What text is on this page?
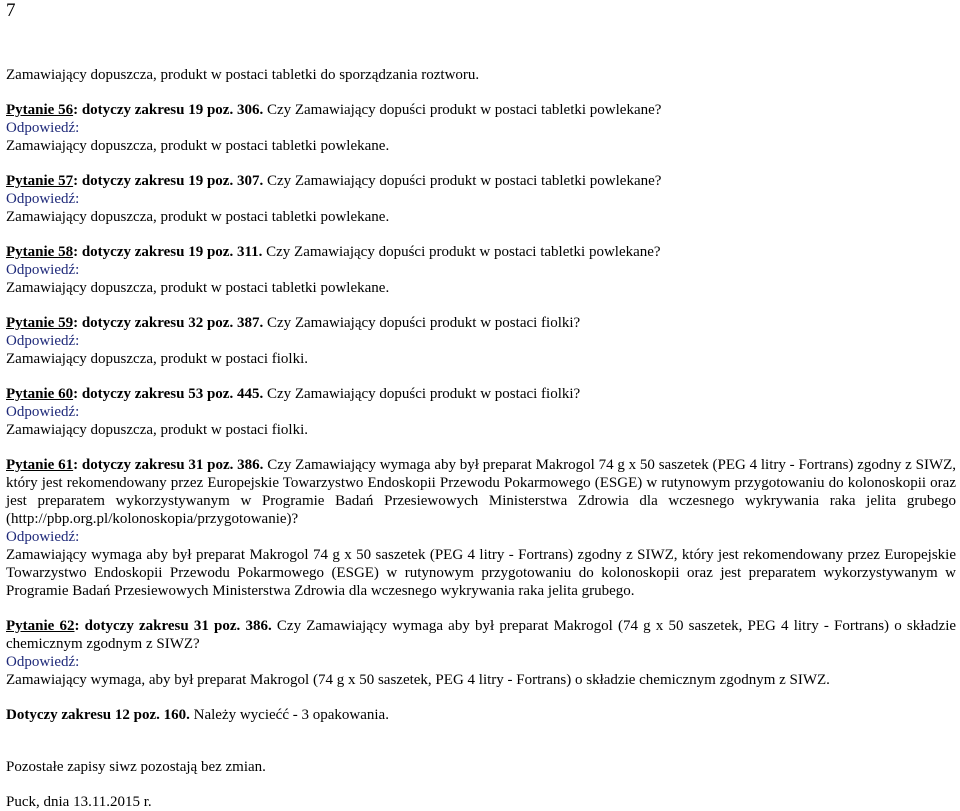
7

Zamawiający dopuszcza, produkt w postaci tabletki do sporządzania roztworu.

Pytanie 56: dotyczy zakresu 19 poz. 306. Czy Zamawiający dopuści produkt w postaci tabletki powlekane?

Odpowiedź:

Zamawiający dopuszcza, produkt w postaci tabletki powlekane.

Pytanie 57: dotyczy zakresu 19 poz. 307. Czy Zamawiający dopuści produkt w postaci tabletki powlekane?

Odpowiedź:

Zamawiający dopuszcza, produkt w postaci tabletki powlekane.

Pytanie 58: dotyczy zakresu 19 poz. 311. Czy Zamawiający dopuści produkt w postaci tabletki powlekane?

Odpowiedź:

Zamawiający dopuszcza, produkt w postaci tabletki powlekane.

Pytanie 59: dotyczy zakresu 32 poz. 387. Czy Zamawiający dopuści produkt w postaci fiolki?

Odpowiedź:

Zamawiający dopuszcza, produkt w postaci fiolki.

Pytanie 60: dotyczy zakresu 53 poz. 445. Czy Zamawiający dopuści produkt w postaci fiolki?

Odpowiedź:

Zamawiający dopuszcza, produkt w postaci fiolki.

Pytanie 61: dotyczy zakresu 31 poz. 386. Czy Zamawiający wymaga aby był preparat Makrogol 74 g x 50 saszetek (PEG 4 litry - Fortrans) zgodny z SIWZ, który jest rekomendowany przez Europejskie Towarzystwo Endoskopii Przewodu Pokarmowego (ESGE) w rutynowym przygotowaniu do kolonoskopii oraz jest preparatem wykorzystywanym w Programie Badań Przesiewowych Ministerstwa Zdrowia dla wczesnego wykrywania raka jelita grubego (http://pbp.org.pl/kolonoskopia/przygotowanie)?

Odpowiedź:

Zamawiający wymaga aby był preparat Makrogol 74 g x 50 saszetek (PEG 4 litry - Fortrans) zgodny z SIWZ, który jest rekomendowany przez Europejskie Towarzystwo Endoskopii Przewodu Pokarmowego (ESGE) w rutynowym przygotowaniu do kolonoskopii oraz jest preparatem wykorzystywanym w Programie Badań Przesiewowych Ministerstwa Zdrowia dla wczesnego wykrywania raka jelita grubego.

Pytanie 62: dotyczy zakresu 31 poz. 386. Czy Zamawiający wymaga aby był preparat Makrogol (74 g x 50 saszetek, PEG 4 litry - Fortrans) o składzie chemicznym zgodnym z SIWZ?

Odpowiedź:

Zamawiający wymaga, aby był preparat Makrogol (74 g x 50 saszetek, PEG 4 litry - Fortrans) o składzie chemicznym zgodnym z SIWZ.

Dotyczy zakresu 12 poz. 160. Należy wyciećć - 3 opakowania.

Pozostałe zapisy siwz pozostają bez zmian.

Puck, dnia 13.11.2015 r.
